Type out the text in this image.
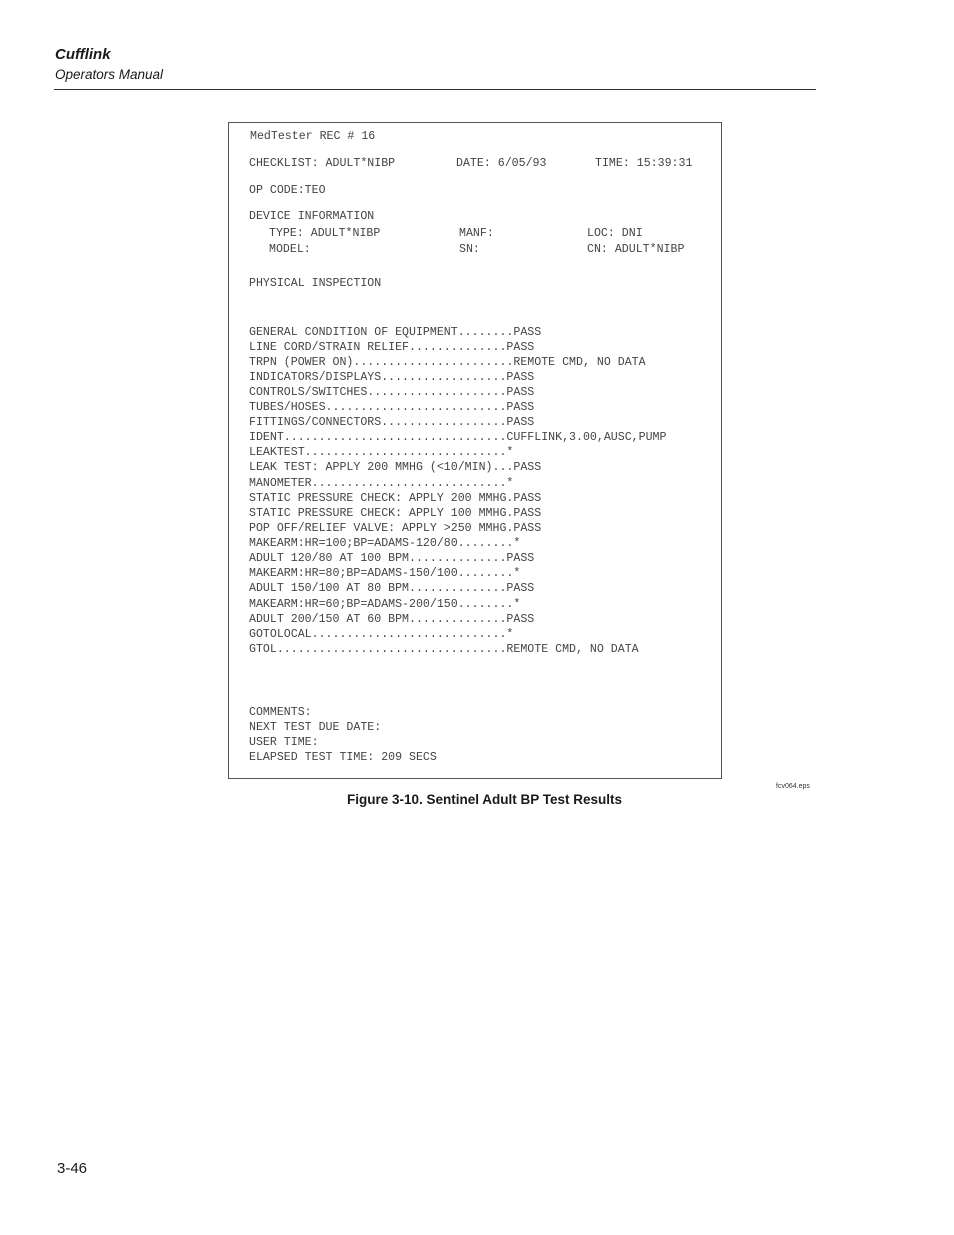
Cufflink
Operators Manual
MedTester REC # 16
CHECKLIST: ADULT*NIBP	DATE: 6/05/93	TIME: 15:39:31
OP CODE:TEO
DEVICE INFORMATION
TYPE: ADULT*NIBP	MANF:	LOC: DNI
MODEL:	SN:	CN: ADULT*NIBP
PHYSICAL INSPECTION
GENERAL CONDITION OF EQUIPMENT........PASS
LINE CORD/STRAIN RELIEF..............PASS
TRPN (POWER ON).......................REMOTE CMD, NO DATA
INDICATORS/DISPLAYS..................PASS
CONTROLS/SWITCHES....................PASS
TUBES/HOSES..........................PASS
FITTINGS/CONNECTORS..................PASS
IDENT................................CUFFLINK,3.00,AUSC,PUMP
LEAKTEST.............................*
LEAK TEST: APPLY 200 MMHG (<10/MIN)...PASS
MANOMETER............................*
STATIC PRESSURE CHECK: APPLY 200 MMHG.PASS
STATIC PRESSURE CHECK: APPLY 100 MMHG.PASS
POP OFF/RELIEF VALVE: APPLY >250 MMHG.PASS
MAKEARM:HR=100;BP=ADAMS-120/80........*
ADULT 120/80 AT 100 BPM..............PASS
MAKEARM:HR=80;BP=ADAMS-150/100........*
ADULT 150/100 AT 80 BPM..............PASS
MAKEARM:HR=60;BP=ADAMS-200/150........*
ADULT 200/150 AT 60 BPM..............PASS
GOTOLOCAL............................*
GTOL.................................REMOTE CMD, NO DATA
COMMENTS:
NEXT TEST DUE DATE:
USER TIME:
ELAPSED TEST TIME: 209 SECS
fcv064.eps
Figure 3-10. Sentinel Adult BP Test Results
3-46
